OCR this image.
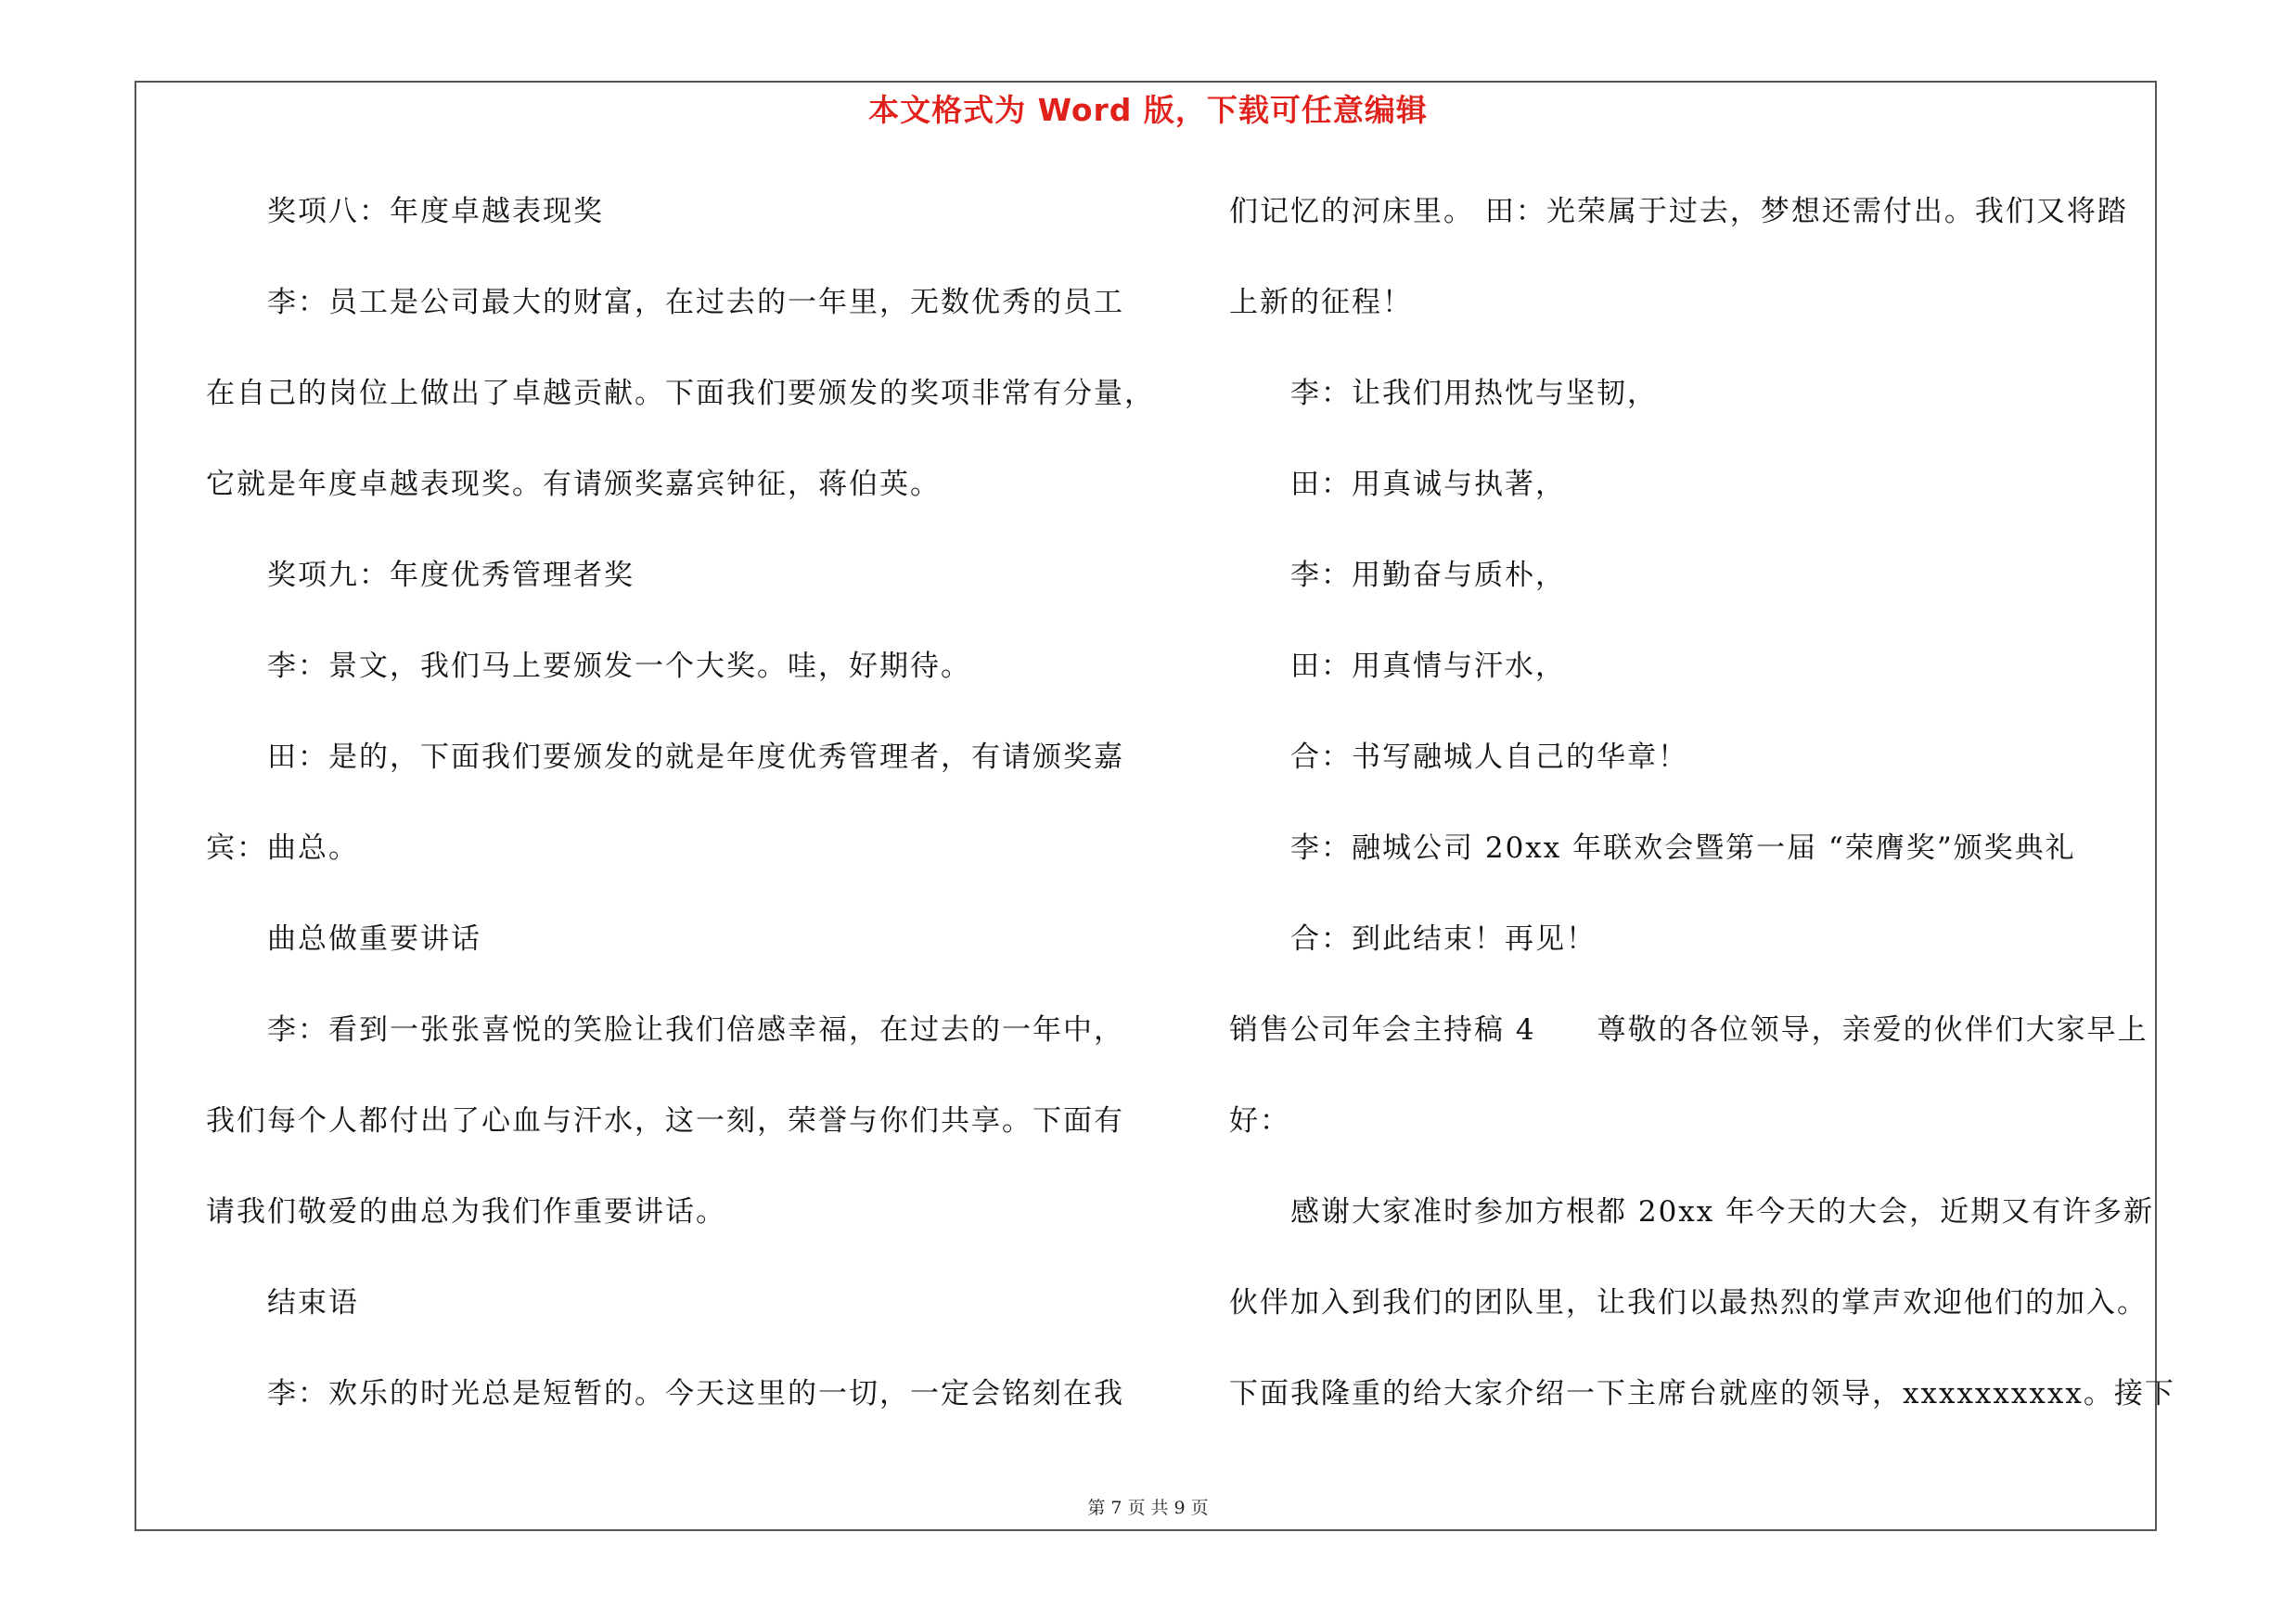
本文格式为 Word 版，下载可任意编辑
奖项八：年度卓越表现奖
李：员工是公司最大的财富，在过去的一年里，无数优秀的员工
在自己的岗位上做出了卓越贡献。下面我们要颁发的奖项非常有分量，
它就是年度卓越表现奖。有请颁奖嘉宾钟征，蒋伯英。
奖项九：年度优秀管理者奖
李：景文，我们马上要颁发一个大奖。哇，好期待。
田：是的，下面我们要颁发的就是年度优秀管理者，有请颁奖嘉
宾：曲总。
曲总做重要讲话
李：看到一张张喜悦的笑脸让我们倍感幸福，在过去的一年中，
我们每个人都付出了心血与汗水，这一刻，荣誉与你们共享。下面有
请我们敬爱的曲总为我们作重要讲话。
结束语
李：欢乐的时光总是短暂的。今天这里的一切，一定会铭刻在我
们记忆的河床里。 田：光荣属于过去，梦想还需付出。我们又将踏
上新的征程！
李：让我们用热忱与坚韧，
田：用真诚与执著，
李：用勤奋与质朴，
田：用真情与汗水，
合：书写融城人自己的华章！
李：融城公司 20xx 年联欢会暨第一届 “荣膺奖”颁奖典礼
合：到此结束！再见！
销售公司年会主持稿 4　　尊敬的各位领导，亲爱的伙伴们大家早上
好：
感谢大家准时参加方根都 20xx 年今天的大会，近期又有许多新
伙伴加入到我们的团队里，让我们以最热烈的掌声欢迎他们的加入。
下面我隆重的给大家介绍一下主席台就座的领导，xxxxxxxxxx。接下
第 7 页 共 9 页
